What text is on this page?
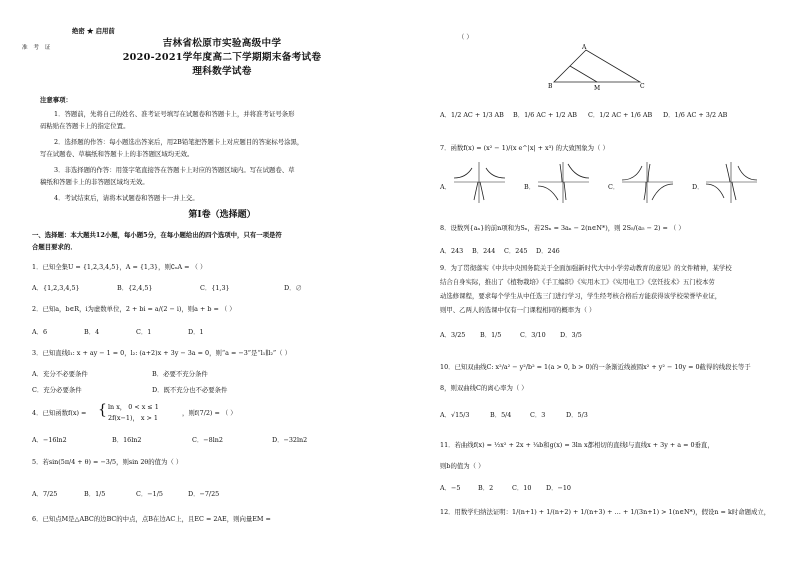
绝密 ★ 启用前
准 考 证	吉林省松原市实验高级中学
2020-2021学年度高二下学期期末备考试卷
理科数学试卷
注意事项：
1．答题前，先将自己的姓名、准考证号填写在试题卷和答题卡上，并将准考证号条形
码粘贴在答题卡上的指定位置。
2．选择题的作答：每小题选出答案后，用2B铅笔把答题卡上对应题目的答案标号涂黑，
写在试题卷、草稿纸和答题卡上的非答题区域均无效。
3．非选择题的作答：用签字笔直接答在答题卡上对应的答题区域内。写在试题卷、草
稿纸和答题卡上的非答题区域均无效。
4．考试结束后，请将本试题卷和答题卡一并上交。
第Ⅰ卷（选择题）
一、选择题：本大题共12小题，每小题5分，在每小题给出的四个选项中，只有一项是符
合题目要求的．
1．已知全集U = {1,2,3,4,5}，A = {1,3}，则∁ᵤA = （ ）
A．{1,2,3,4,5}	B．{2,4,5}	C．{1,3}	D．∅
2．已知a，b∈R，i为虚数单位，2 + bi = a/(2 − i)，则a + b = （ ）
A．6	B．4	C．1	D．1
3．已知直线l₁: x + ay − 1 = 0，l₂: (a+2)x + 3y − 3a = 0，则“a = −3”是“l₁∥l₂”（ ）
A．充分不必要条件	B．必要不充分条件
C．充分必要条件	D．既不充分也不必要条件
4．已知函数f(x) = { ln x， 0 < x ≤ 1
2f(x−1)， x > 1
，则f(7/2) = （ ）
A．−16ln2	B．16ln2	C．−8ln2	D．−32ln2
5．若sin(5π/4 + θ) = −3/5，则sin 2θ的值为（ ）
A．7/25	B．1/5	C．−1/5	D．−7/25
6．已知点M是△ABC的边BC的中点，点B在边AC上，且EC = 2AE，则向量EM =
（ ）
A
B	C
M
A．1/2 AC + 1/3 AB B．1/6 AC + 1/2 AB C．1/2 AC + 1/6 AB D．1/6 AC + 3/2 AB
7．函数f(x) = (x² − 1)/(x e^|x| + x³) 的大致图象为（ ）
A．	B．	C．	D．
8．设数列{aₙ}的前n项和为Sₙ，若2Sₙ = 3aₙ − 2(n∈N*)，则 2S₅/(a₅ − 2) = （ ）
A．243 B．244 C．245 D．246
9．为了贯彻落实《中共中央国务院关于全面加强新时代大中小学劳动教育的意见》的文件精神，某学校
结合自身实际，推出了《植物栽培》《手工编织》《实用木工》《实用电工》《烹饪技术》五门校本劳
动选修课程，要求每个学生从中任选三门进行学习，学生经考核合格后方能获得该学校荣誉毕业证，
则甲、乙两人的选课中仅有一门课程相同的概率为（ ）
A．3/25 B．1/5	C．3/10 D．3/5
10．已知双曲线C: x²/a² − y²/b² = 1(a > 0, b > 0)的一条渐近线被圆x² + y² − 10y = 0截得的线段长等于
8，则双曲线C的离心率为（ ）
A．√15/3	B．5/4	C．3	D．5/3
11．若曲线f(x) = ½x² + 2x + ¼b和g(x) = 3ln x都相切的直线l与直线x + 3y + a = 0垂直，
则b的值为（ ）
A．−5	B．2	C．10 D．−10
12．用数学归纳法证明：1/(n+1) + 1/(n+2) + 1/(n+3) + … + 1/(3n+1) > 1(n∈N*)，假设n = k时命题成立，
